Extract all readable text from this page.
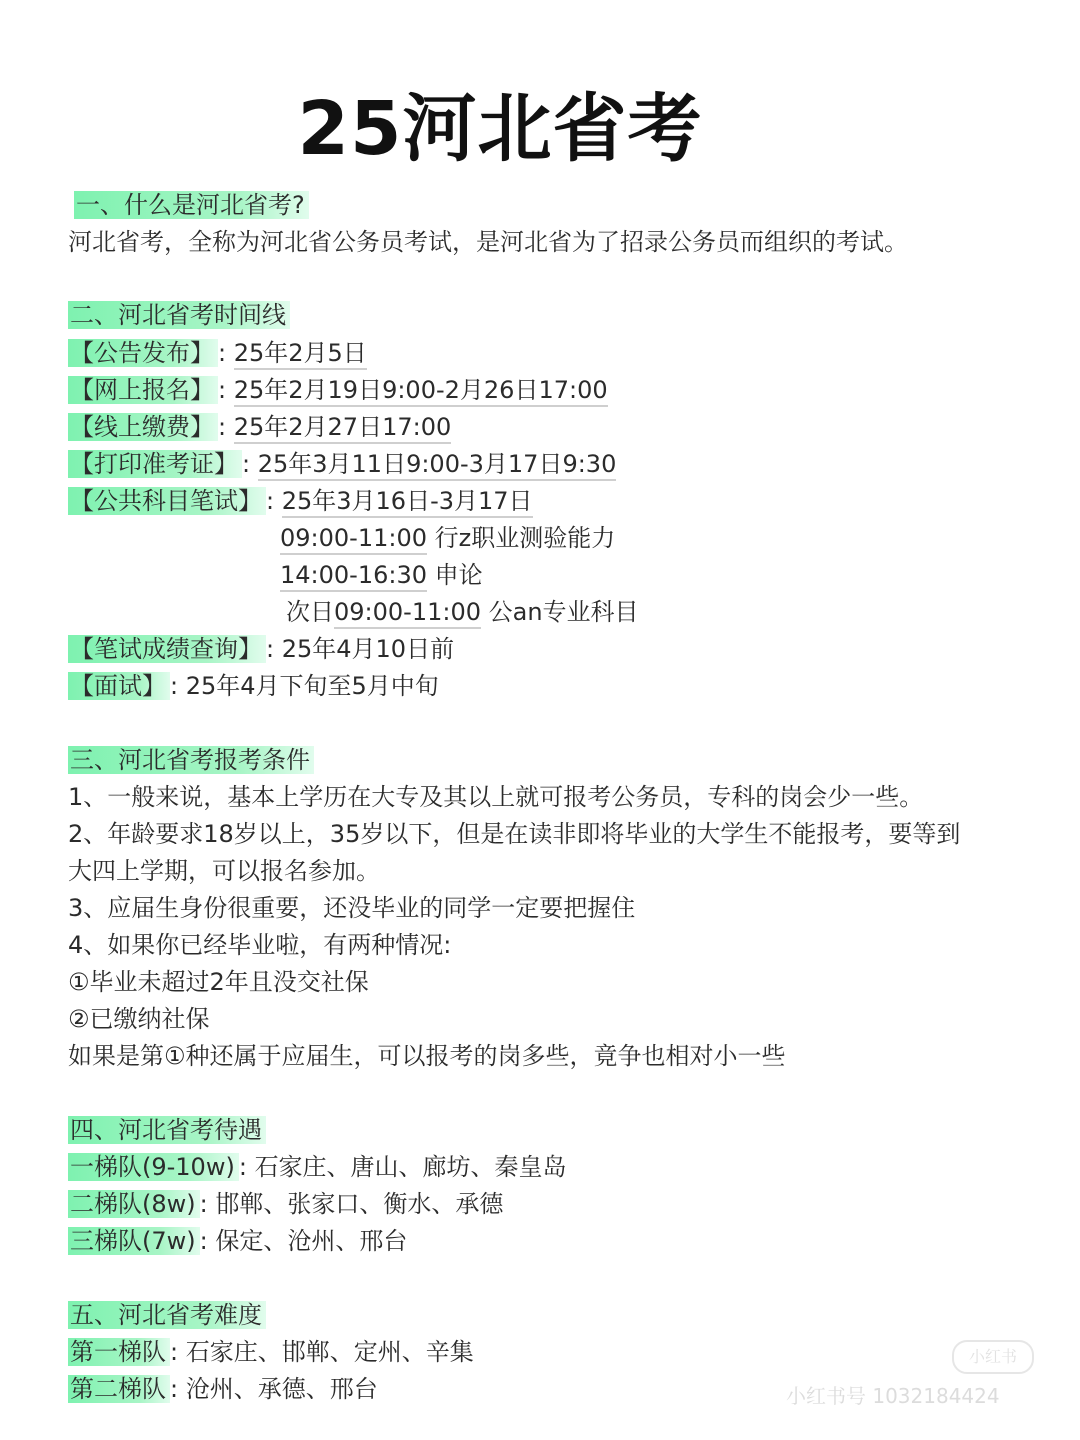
25河北省考
一、什么是河北省考?
河北省考，全称为河北省公务员考试，是河北省为了招录公务员而组织的考试。
二、河北省考时间线
【公告发布】 : 25年2月5日
【网上报名】 : 25年2月19日9:00-2月26日17:00
【线上缴费】 : 25年2月27日17:00
【打印准考证】 : 25年3月11日9:00-3月17日9:30
【公共科目笔试】 : 25年3月16日-3月17日
09:00-11:00 行z职业测验能力
14:00-16:30 申论
次日09:00-11:00 公an专业科目
【笔试成绩查询】 : 25年4月10日前
【面试】 : 25年4月下旬至5月中旬
三、河北省考报考条件
1、一般来说，基本上学历在大专及其以上就可报考公务员，专科的岗会少一些。
2、年龄要求18岁以上，35岁以下，但是在读非即将毕业的大学生不能报考，要等到
大四上学期，可以报名参加。
3、应届生身份很重要，还没毕业的同学一定要把握住
4、如果你已经毕业啦，有两种情况:
①毕业未超过2年且没交社保
②已缴纳社保
如果是第①种还属于应届生，可以报考的岗多些，竟争也相对小一些
四、河北省考待遇
一梯队(9-10w) : 石家庄、唐山、廊坊、秦皇岛
二梯队(8w) : 邯郸、张家口、衡水、承德
三梯队(7w) : 保定、沧州、邢台
五、河北省考难度
第一梯队 : 石家庄、邯郸、定州、辛集
第二梯队 : 沧州、承德、邢台
小红书
小红书号 1032184424
